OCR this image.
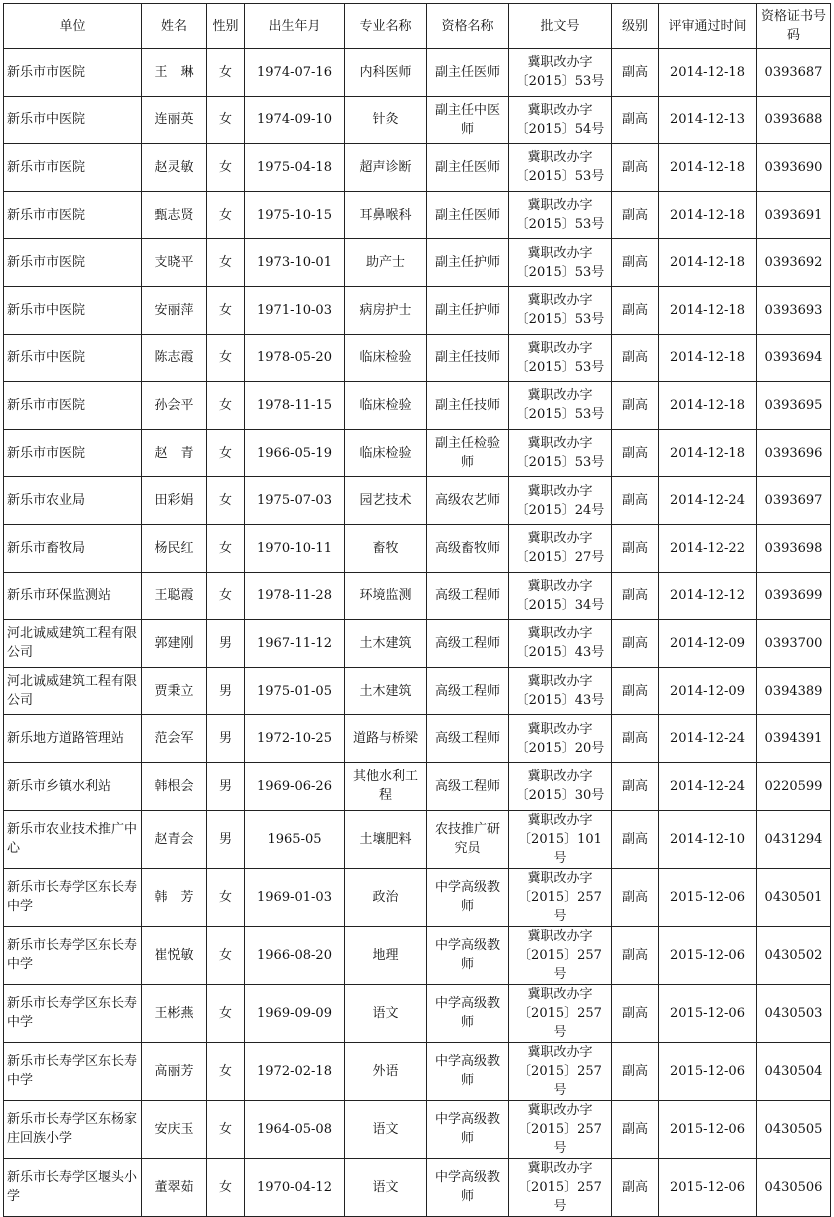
单位	姓名	性别	出生年月	专业名称	资格名称	批文号	级别	评审通过时间	资格证书号码
新乐市市医院	王　琳	女	1974-07-16	内科医师	副主任医师	冀职改办字〔2015〕53号	副高	2014-12-18	0393687
新乐市中医院	连丽英	女	1974-09-10	针灸	副主任中医师	冀职改办字〔2015〕54号	副高	2014-12-13	0393688
新乐市市医院	赵灵敏	女	1975-04-18	超声诊断	副主任医师	冀职改办字〔2015〕53号	副高	2014-12-18	0393690
新乐市市医院	甄志贤	女	1975-10-15	耳鼻喉科	副主任医师	冀职改办字〔2015〕53号	副高	2014-12-18	0393691
新乐市市医院	支晓平	女	1973-10-01	助产士	副主任护师	冀职改办字〔2015〕53号	副高	2014-12-18	0393692
新乐市中医院	安丽萍	女	1971-10-03	病房护士	副主任护师	冀职改办字〔2015〕53号	副高	2014-12-18	0393693
新乐市中医院	陈志霞	女	1978-05-20	临床检验	副主任技师	冀职改办字〔2015〕53号	副高	2014-12-18	0393694
新乐市市医院	孙会平	女	1978-11-15	临床检验	副主任技师	冀职改办字〔2015〕53号	副高	2014-12-18	0393695
新乐市市医院	赵　青	女	1966-05-19	临床检验	副主任检验师	冀职改办字〔2015〕53号	副高	2014-12-18	0393696
新乐市农业局	田彩娟	女	1975-07-03	园艺技术	高级农艺师	冀职改办字〔2015〕24号	副高	2014-12-24	0393697
新乐市畜牧局	杨民红	女	1970-10-11	畜牧	高级畜牧师	冀职改办字〔2015〕27号	副高	2014-12-22	0393698
新乐市环保监测站	王聪霞	女	1978-11-28	环境监测	高级工程师	冀职改办字〔2015〕34号	副高	2014-12-12	0393699
河北诚威建筑工程有限公司	郭建刚	男	1967-11-12	土木建筑	高级工程师	冀职改办字〔2015〕43号	副高	2014-12-09	0393700
河北诚威建筑工程有限公司	贾秉立	男	1975-01-05	土木建筑	高级工程师	冀职改办字〔2015〕43号	副高	2014-12-09	0394389
新乐地方道路管理站	范会军	男	1972-10-25	道路与桥梁	高级工程师	冀职改办字〔2015〕20号	副高	2014-12-24	0394391
新乐市乡镇水利站	韩根会	男	1969-06-26	其他水利工程	高级工程师	冀职改办字〔2015〕30号	副高	2014-12-24	0220599
新乐市农业技术推广中心	赵青会	男	1965-05	土壤肥料	农技推广研究员	冀职改办字〔2015〕101号	副高	2014-12-10	0431294
新乐市长寿学区东长寿中学	韩　芳	女	1969-01-03	政治	中学高级教师	冀职改办字〔2015〕257号	副高	2015-12-06	0430501
新乐市长寿学区东长寿中学	崔悦敏	女	1966-08-20	地理	中学高级教师	冀职改办字〔2015〕257号	副高	2015-12-06	0430502
新乐市长寿学区东长寿中学	王彬燕	女	1969-09-09	语文	中学高级教师	冀职改办字〔2015〕257号	副高	2015-12-06	0430503
新乐市长寿学区东长寿中学	高丽芳	女	1972-02-18	外语	中学高级教师	冀职改办字〔2015〕257号	副高	2015-12-06	0430504
新乐市长寿学区东杨家庄回族小学	安庆玉	女	1964-05-08	语文	中学高级教师	冀职改办字〔2015〕257号	副高	2015-12-06	0430505
新乐市长寿学区堰头小学	董翠茹	女	1970-04-12	语文	中学高级教师	冀职改办字〔2015〕257号	副高	2015-12-06	0430506
